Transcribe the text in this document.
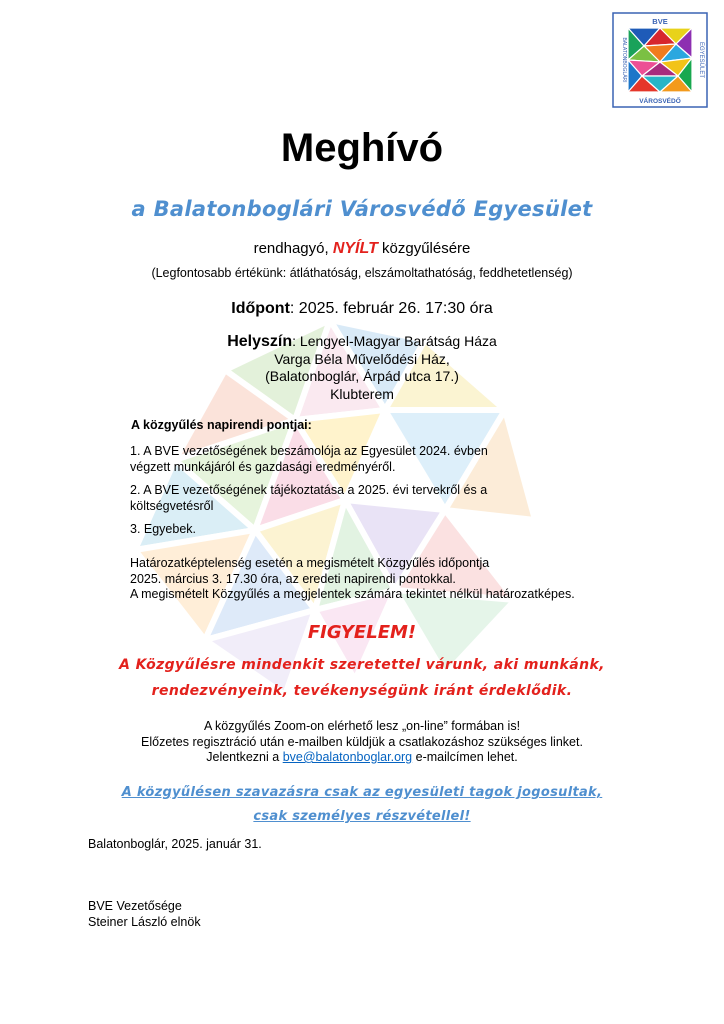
BVE
VÁROSVÉDŐ
BALATONBOGLÁRI	EGYESÜLET
Meghívó
a Balatonboglári Városvédő Egyesület
rendhagyó, NYÍLT közgyűlésére
(Legfontosabb értékünk: átláthatóság, elszámoltathatóság, feddhetetlenség)
Időpont: 2025. február 26. 17:30 óra
Helyszín: Lengyel-Magyar Barátság Háza
Varga Béla Művelődési Ház,
(Balatonboglár, Árpád utca 17.)
Klubterem
A közgyűlés napirendi pontjai:
1. A BVE vezetőségének beszámolója az Egyesület 2024. évben
végzett munkájáról és gazdasági eredményéről.
2. A BVE vezetőségének tájékoztatása a 2025. évi tervekről és a
költségvetésről
3. Egyebek.
Határozatképtelenség esetén a megismételt Közgyűlés időpontja
2025. március 3. 17.30 óra, az eredeti napirendi pontokkal.
A megismételt Közgyűlés a megjelentek számára tekintet nélkül határozatképes.
FIGYELEM!
A Közgyűlésre mindenkit szeretettel várunk, aki munkánk,
rendezvényeink, tevékenységünk iránt érdeklődik.
A közgyűlés Zoom-on elérhető lesz „on-line” formában is!
Előzetes regisztráció után e-mailben küldjük a csatlakozáshoz szükséges linket.
Jelentkezni a bve@balatonboglar.org e-mailcímen lehet.
A közgyűlésen szavazásra csak az egyesületi tagok jogosultak,
csak személyes részvétellel!
Balatonboglár, 2025. január 31.
BVE Vezetősége
Steiner László elnök
